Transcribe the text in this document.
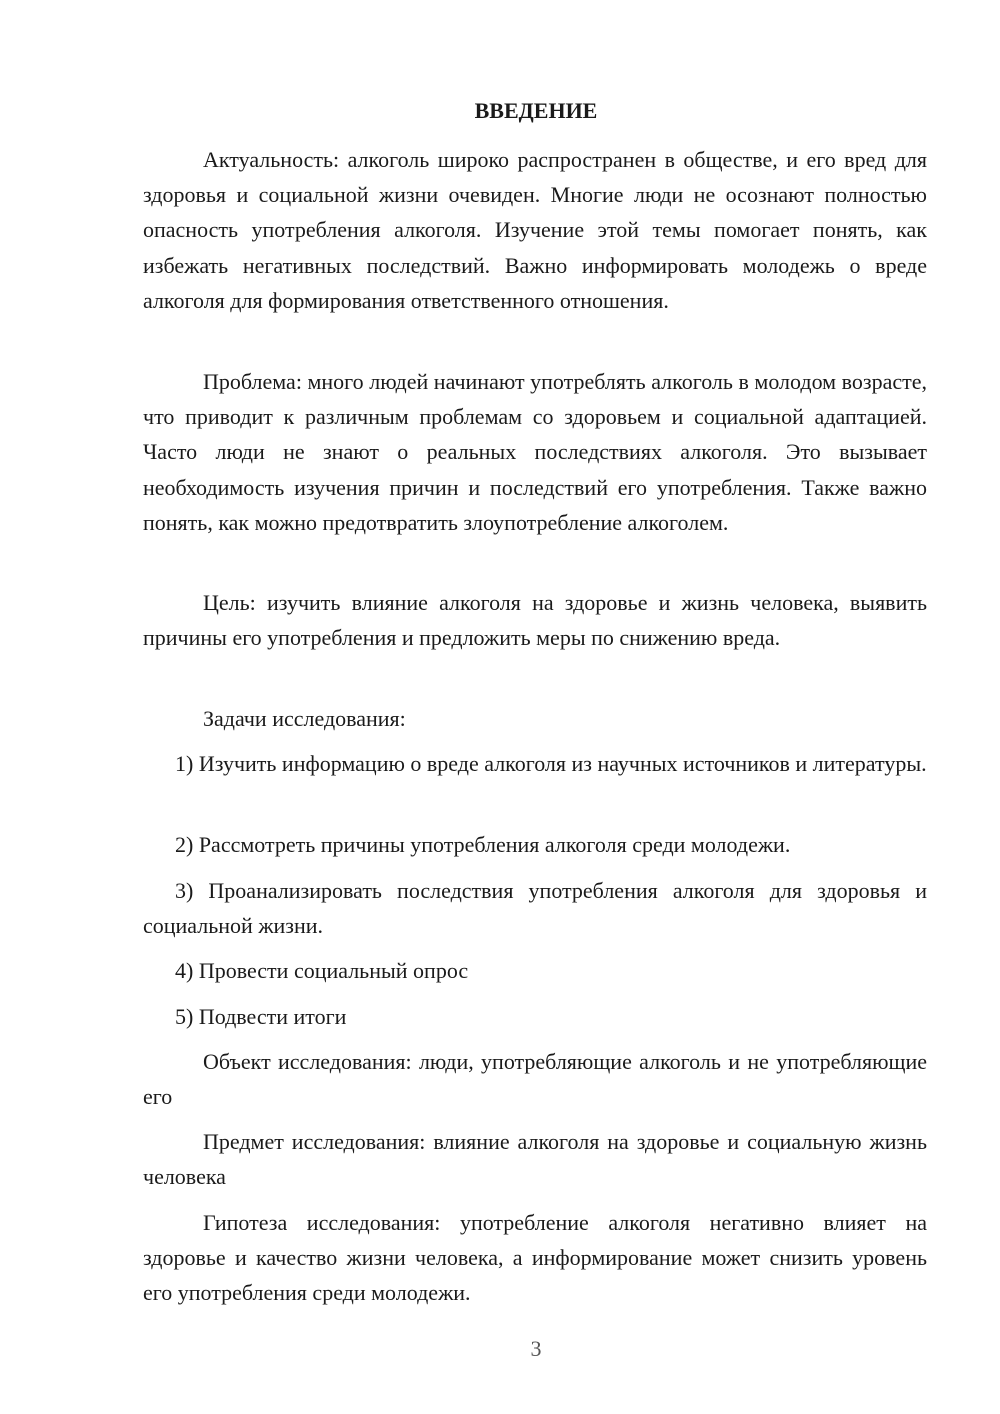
ВВЕДЕНИЕ

Актуальность: алкоголь широко распространен в обществе, и его вред для здоровья и социальной жизни очевиден. Многие люди не осознают полностью опасность употребления алкоголя. Изучение этой темы помогает понять, как избежать негативных последствий. Важно информировать молодежь о вреде алкоголя для формирования ответственного отношения.

Проблема: много людей начинают употреблять алкоголь в молодом возрасте, что приводит к различным проблемам со здоровьем и социальной адаптацией. Часто люди не знают о реальных последствиях алкоголя. Это вызывает необходимость изучения причин и последствий его употребления. Также важно понять, как можно предотвратить злоупотребление алкоголем.

Цель: изучить влияние алкоголя на здоровье и жизнь человека, выявить причины его употребления и предложить меры по снижению вреда.

Задачи исследования:

1) Изучить информацию о вреде алкоголя из научных источников и литературы.

2) Рассмотреть причины употребления алкоголя среди молодежи.

3) Проанализировать последствия употребления алкоголя для здоровья и социальной жизни.

4) Провести социальный опрос

5) Подвести итоги

Объект исследования: люди, употребляющие алкоголь и не употребляющие его

Предмет исследования: влияние алкоголя на здоровье и социальную жизнь человека

Гипотеза исследования: употребление алкоголя негативно влияет на здоровье и качество жизни человека, а информирование может снизить уровень его употребления среди молодежи.

3
